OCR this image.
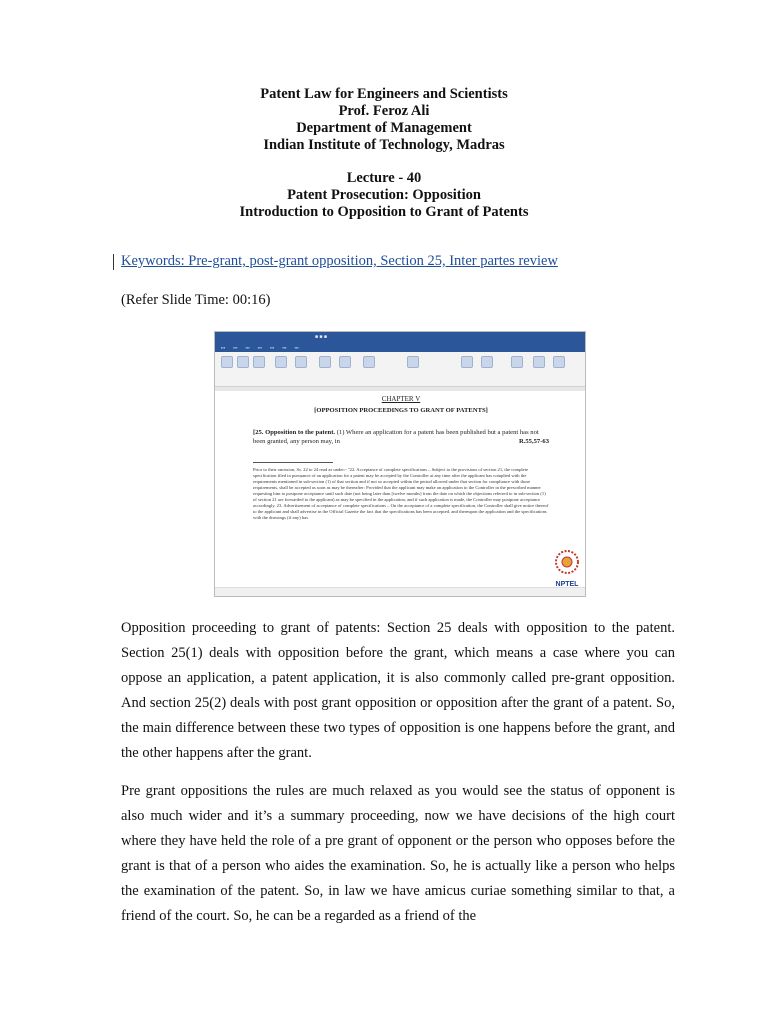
Patent Law for Engineers and Scientists
Prof. Feroz Ali
Department of Management
Indian Institute of Technology, Madras
Lecture - 40
Patent Prosecution: Opposition
Introduction to Opposition to Grant of Patents
Keywords: Pre-grant, post-grant opposition, Section 25, Inter partes review
(Refer Slide Time: 00:16)
■ ■ ■
▪▪▪ ▪▪▪ ▪▪▪ ▪▪▪ ▪▪▪ ▪▪▪ ▪▪▪
CHAPTER V
[OPPOSITION PROCEEDINGS TO GRANT OF PATENTS]
[25. Opposition to the patent. (1) Where an application for a patent has been published but a patent has not been granted, any person may, in	R.55,57-63
Prior to their omission, Ss. 22 to 24 read as under:- "22. Acceptance of complete specifications – Subject to the provisions of section 21, the complete specification filed in pursuance of an application for a patent may be accepted by the Controller at any time after the applicant has complied with the requirements mentioned in sub-section (1) of that section and if not so accepted within the period allowed under that section for compliance with those requirements, shall be accepted as soon as may be thereafter: Provided that the applicant may make an application to the Controller in the prescribed manner requesting him to postpone acceptance until such date (not being later than [twelve months] from the date on which the objections referred to in sub-section (1) of section 21 are forwarded to the applicant) as may be specified in the application, and if such application is made, the Controller may postpone acceptance accordingly. 23. Advertisement of acceptance of complete specifications – On the acceptance of a complete specification, the Controller shall give notice thereof to the applicant and shall advertise in the Official Gazette the fact that the specifications has been accepted, and thereupon the application and the specifications with the drawings (if any) has
NPTEL
Opposition proceeding to grant of patents: Section 25 deals with opposition to the patent. Section 25(1) deals with opposition before the grant, which means a case where you can oppose an application, a patent application, it is also commonly called pre-grant opposition. And section 25(2) deals with post grant opposition or opposition after the grant of a patent. So, the main difference between these two types of opposition is one happens before the grant, and the other happens after the grant.
Pre grant oppositions the rules are much relaxed as you would see the status of opponent is also much wider and it’s a summary proceeding, now we have decisions of the high court where they have held the role of a pre grant of opponent or the person who opposes before the grant is that of a person who aides the examination. So, he is actually like a person who helps the examination of the patent. So, in law we have amicus curiae something similar to that, a friend of the court. So, he can be a regarded as a friend of the
